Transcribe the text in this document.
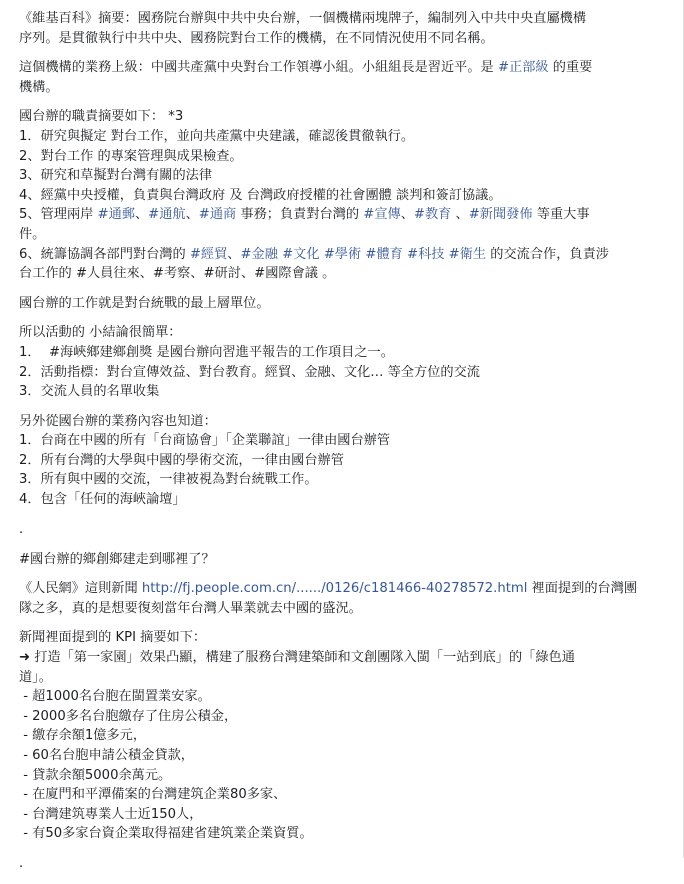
《維基百科》摘要：國務院台辦與中共中央台辦，一個機構兩塊牌子，編制列入中共中央直屬機構
序列。是貫徹執行中共中央、國務院對台工作的機構，在不同情況使用不同名稱。
這個機構的業務上級：中國共產黨中央對台工作領導小組。小組組長是習近平。是 #正部級 的重要
機構。
國台辦的職責摘要如下： *3
1．研究與擬定 對台工作，並向共產黨中央建議，確認後貫徹執行。
2、對台工作 的專案管理與成果檢查。
3、研究和草擬對台灣有關的法律
4、經黨中央授權，負責與台灣政府 及 台灣政府授權的社會團體 談判和簽訂協議。
5、管理兩岸 #通郵、#通航、#通商 事務；負責對台灣的 #宣傳、#教育 、#新聞發佈 等重大事
件。
6、統籌協調各部門對台灣的 #經貿、#金融 #文化 #學術 #體育 #科技 #衛生 的交流合作，負責涉
台工作的 #人員往來、#考察、#研討、#國際會議 。
國台辦的工作就是對台統戰的最上層單位。
所以活動的 小結論很簡單：
1．  #海峽鄉建鄉創獎 是國台辦向習進平報告的工作項目之一。
2．活動指標：對台宣傳效益、對台教育。經貿、金融、文化… 等全方位的交流
3．交流人員的名單收集
另外從國台辦的業務內容也知道：
1．台商在中國的所有「台商協會」「企業聯誼」一律由國台辦管
2．所有台灣的大學與中國的學術交流，一律由國台辦管
3．所有與中國的交流，一律被視為對台統戰工作。
4．包含「任何的海峽論壇」
.
#國台辦的鄉創鄉建走到哪裡了？
《人民網》這則新聞 http://fj.people.com.cn/....../0126/c181466-40278572.html 裡面提到的台灣團
隊之多，真的是想要復刻當年台灣人畢業就去中國的盛況。
新聞裡面提到的 KPI 摘要如下：
➜ 打造「第一家園」效果凸顯，構建了服務台灣建築師和文創團隊入閩「一站到底」的「綠色通
道」。
- 超1000名台胞在閩置業安家。
- 2000多名台胞繳存了住房公積金，
- 繳存余額1億多元，
- 60名台胞申請公積金貸款，
- 貸款余額5000余萬元。
- 在廈門和平潭備案的台灣建筑企業80多家、
- 台灣建筑專業人士近150人，
- 有50多家台資企業取得福建省建筑業企業資質。
.
